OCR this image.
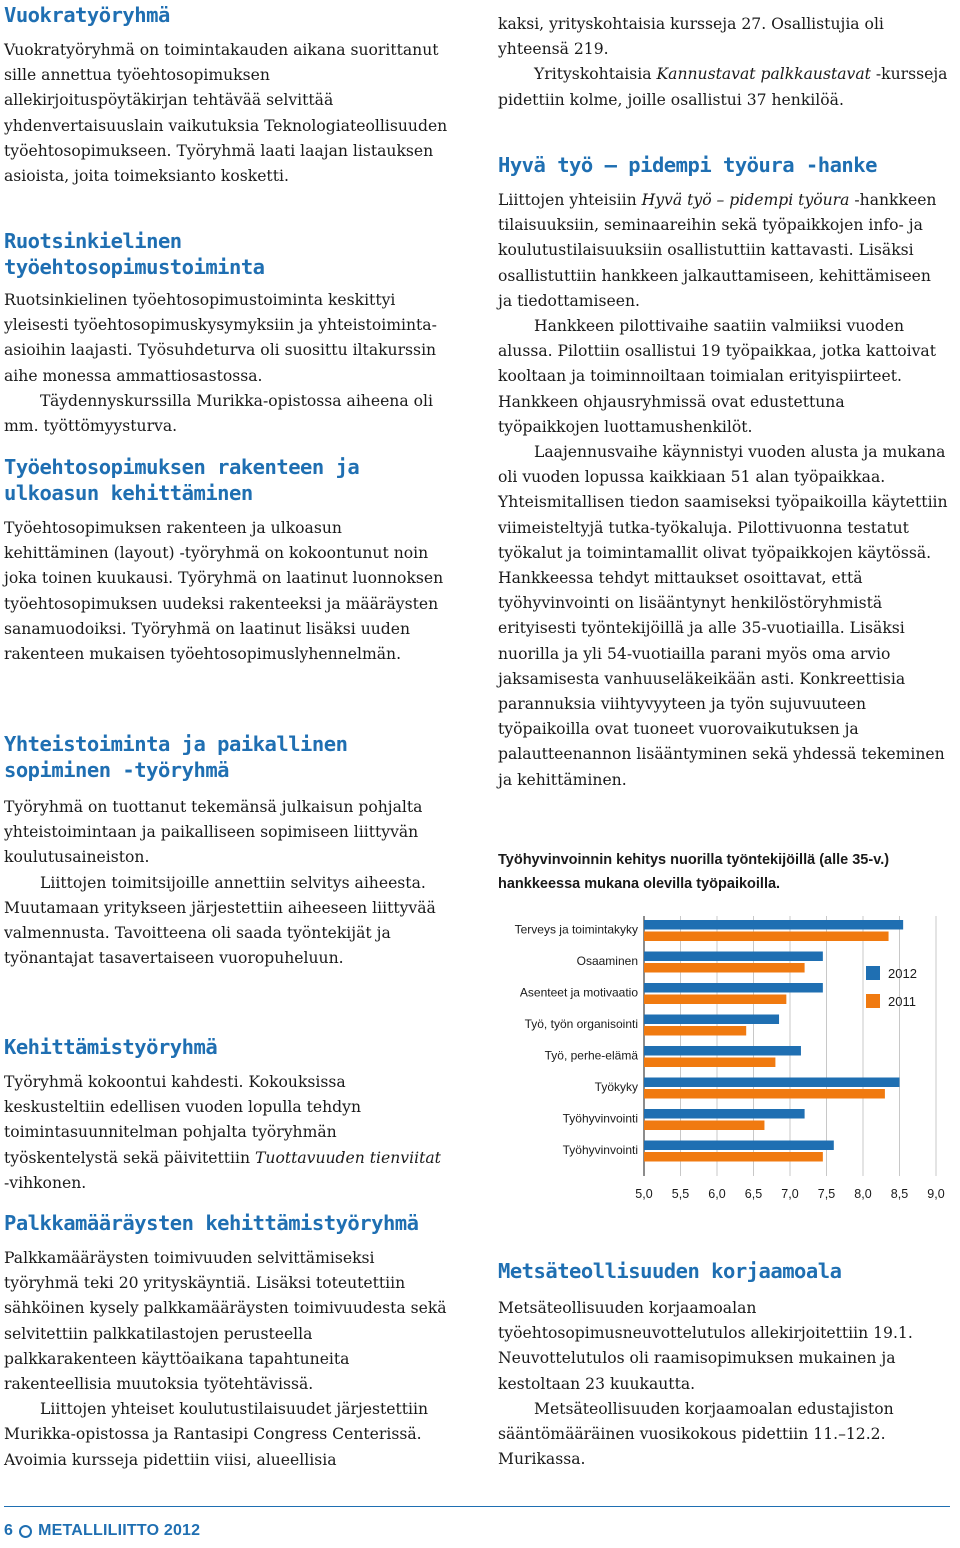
Vuokratyöryhmä

Vuokratyöryhmä on toimintakauden aikana suorittanut sille annettua työehtosopimuksen allekirjoituspöytäkirjan tehtävää selvittää yhdenvertaisuuslain vaikutuksia Teknologiateollisuuden työehtosopimukseen. Työryhmä laati laajan listauksen asioista, joita toimeksianto kosketti.

Ruotsinkielinen työehtosopimustoiminta

Ruotsinkielinen työehtosopimustoiminta keskittyi yleisesti työehtosopimuskysymyksiin ja yhteistoiminta-asioihin laajasti. Työsuhdeturva oli suosittu iltakurssin aihe monessa ammattiosastossa.

Täydennyskurssilla Murikka-opistossa aiheena oli mm. työttömyysturva.

Työehtosopimuksen rakenteen ja ulkoasun kehittäminen

Työehtosopimuksen rakenteen ja ulkoasun kehittäminen (layout) -työryhmä on kokoontunut noin joka toinen kuukausi. Työryhmä on laatinut luonnoksen työehtosopimuksen uudeksi rakenteeksi ja määräysten sanamuodoiksi. Työryhmä on laatinut lisäksi uuden rakenteen mukaisen työehtosopimuslyhennelmän.

Yhteistoiminta ja paikallinen sopiminen -työryhmä

Työryhmä on tuottanut tekemänsä julkaisun pohjalta yhteistoimintaan ja paikalliseen sopimiseen liittyvän koulutusaineiston.

Liittojen toimitsijoille annettiin selvitys aiheesta. Muutamaan yritykseen järjestettiin aiheeseen liittyvää valmennusta. Tavoitteena oli saada työntekijät ja työnantajat tasavertaiseen vuoropuheluun.

Kehittämistyöryhmä

Työryhmä kokoontui kahdesti. Kokouksissa keskusteltiin edellisen vuoden lopulla tehdyn toimintasuunnitelman pohjalta työryhmän työskentelystä sekä päivitettiin Tuottavuuden tienviitat -vihkonen.

Palkkamääräysten kehittämistyöryhmä

Palkkamääräysten toimivuuden selvittämiseksi työryhmä teki 20 yrityskäyntiä. Lisäksi toteutettiin sähköinen kysely palkkamääräysten toimivuudesta sekä selvitettiin palkkatilastojen perusteella palkkarakenteen käyttöaikana tapahtuneita rakenteellisia muutoksia työtehtävissä.

Liittojen yhteiset koulutustilaisuudet järjestettiin Murikka-opistossa ja Rantasipi Congress Centerissä. Avoimia kursseja pidettiin viisi, alueellisia

kaksi, yrityskohtaisia kursseja 27. Osallistujia oli yhteensä 219.

Yrityskohtaisia Kannustavat palkkaustavat -kursseja pidettiin kolme, joille osallistui 37 henkilöä.

Hyvä työ – pidempi työura -hanke

Liittojen yhteisiin Hyvä työ – pidempi työura -hankkeen tilaisuuksiin, seminaareihin sekä työpaikkojen info- ja koulutustilaisuuksiin osallistuttiin kattavasti. Lisäksi osallistuttiin hankkeen jalkauttamiseen, kehittämiseen ja tiedottamiseen.

Hankkeen pilottivaihe saatiin valmiiksi vuoden alussa. Pilottiin osallistui 19 työpaikkaa, jotka kattoivat kooltaan ja toiminnoiltaan toimialan erityispiirteet. Hankkeen ohjausryhmissä ovat edustettuna työpaikkojen luottamushenkilöt.

Laajennusvaihe käynnistyi vuoden alusta ja mukana oli vuoden lopussa kaikkiaan 51 alan työpaikkaa. Yhteismitallisen tiedon saamiseksi työpaikoilla käytettiin viimeisteltyjä tutka-työkaluja. Pilottivuonna testatut työkalut ja toimintamallit olivat työpaikkojen käytössä. Hankkeessa tehdyt mittaukset osoittavat, että työhyvinvointi on lisääntynyt henkilöstöryhmistä erityisesti työntekijöillä ja alle 35-vuotiailla. Lisäksi nuorilla ja yli 54-vuotiailla parani myös oma arvio jaksamisesta vanhuuseläkeikään asti. Konkreettisia parannuksia viihtyvyyteen ja työn sujuvuuteen työpaikoilla ovat tuoneet vuorovaikutuksen ja palautteenannon lisääntyminen sekä yhdessä tekeminen ja kehittäminen.

Työhyvinvoinnin kehitys nuorilla työntekijöillä (alle 35-v.) hankkeessa mukana olevilla työpaikoilla.
Metsäteollisuuden korjaamoala

Metsäteollisuuden korjaamoalan työehtosopimusneuvottelutulos allekirjoitettiin 19.1. Neuvottelutulos oli raamisopimuksen mukainen ja kestoltaan 23 kuukautta.

Metsäteollisuuden korjaamoalan edustajiston sääntömääräinen vuosikokous pidettiin 11.–12.2. Murikassa.

Terveys ja toimintakyky
Osaaminen
Asenteet ja motivaatio
Työ, työn organisointi
Työ, perhe-elämä
Työkyky
Työhyvinvointi
Työhyvinvointi
5,0 5,5 6,0 6,5 7,0 7,5 8,0 8,5 9,0
2012
2011
6 METALLILIITTO 2012
